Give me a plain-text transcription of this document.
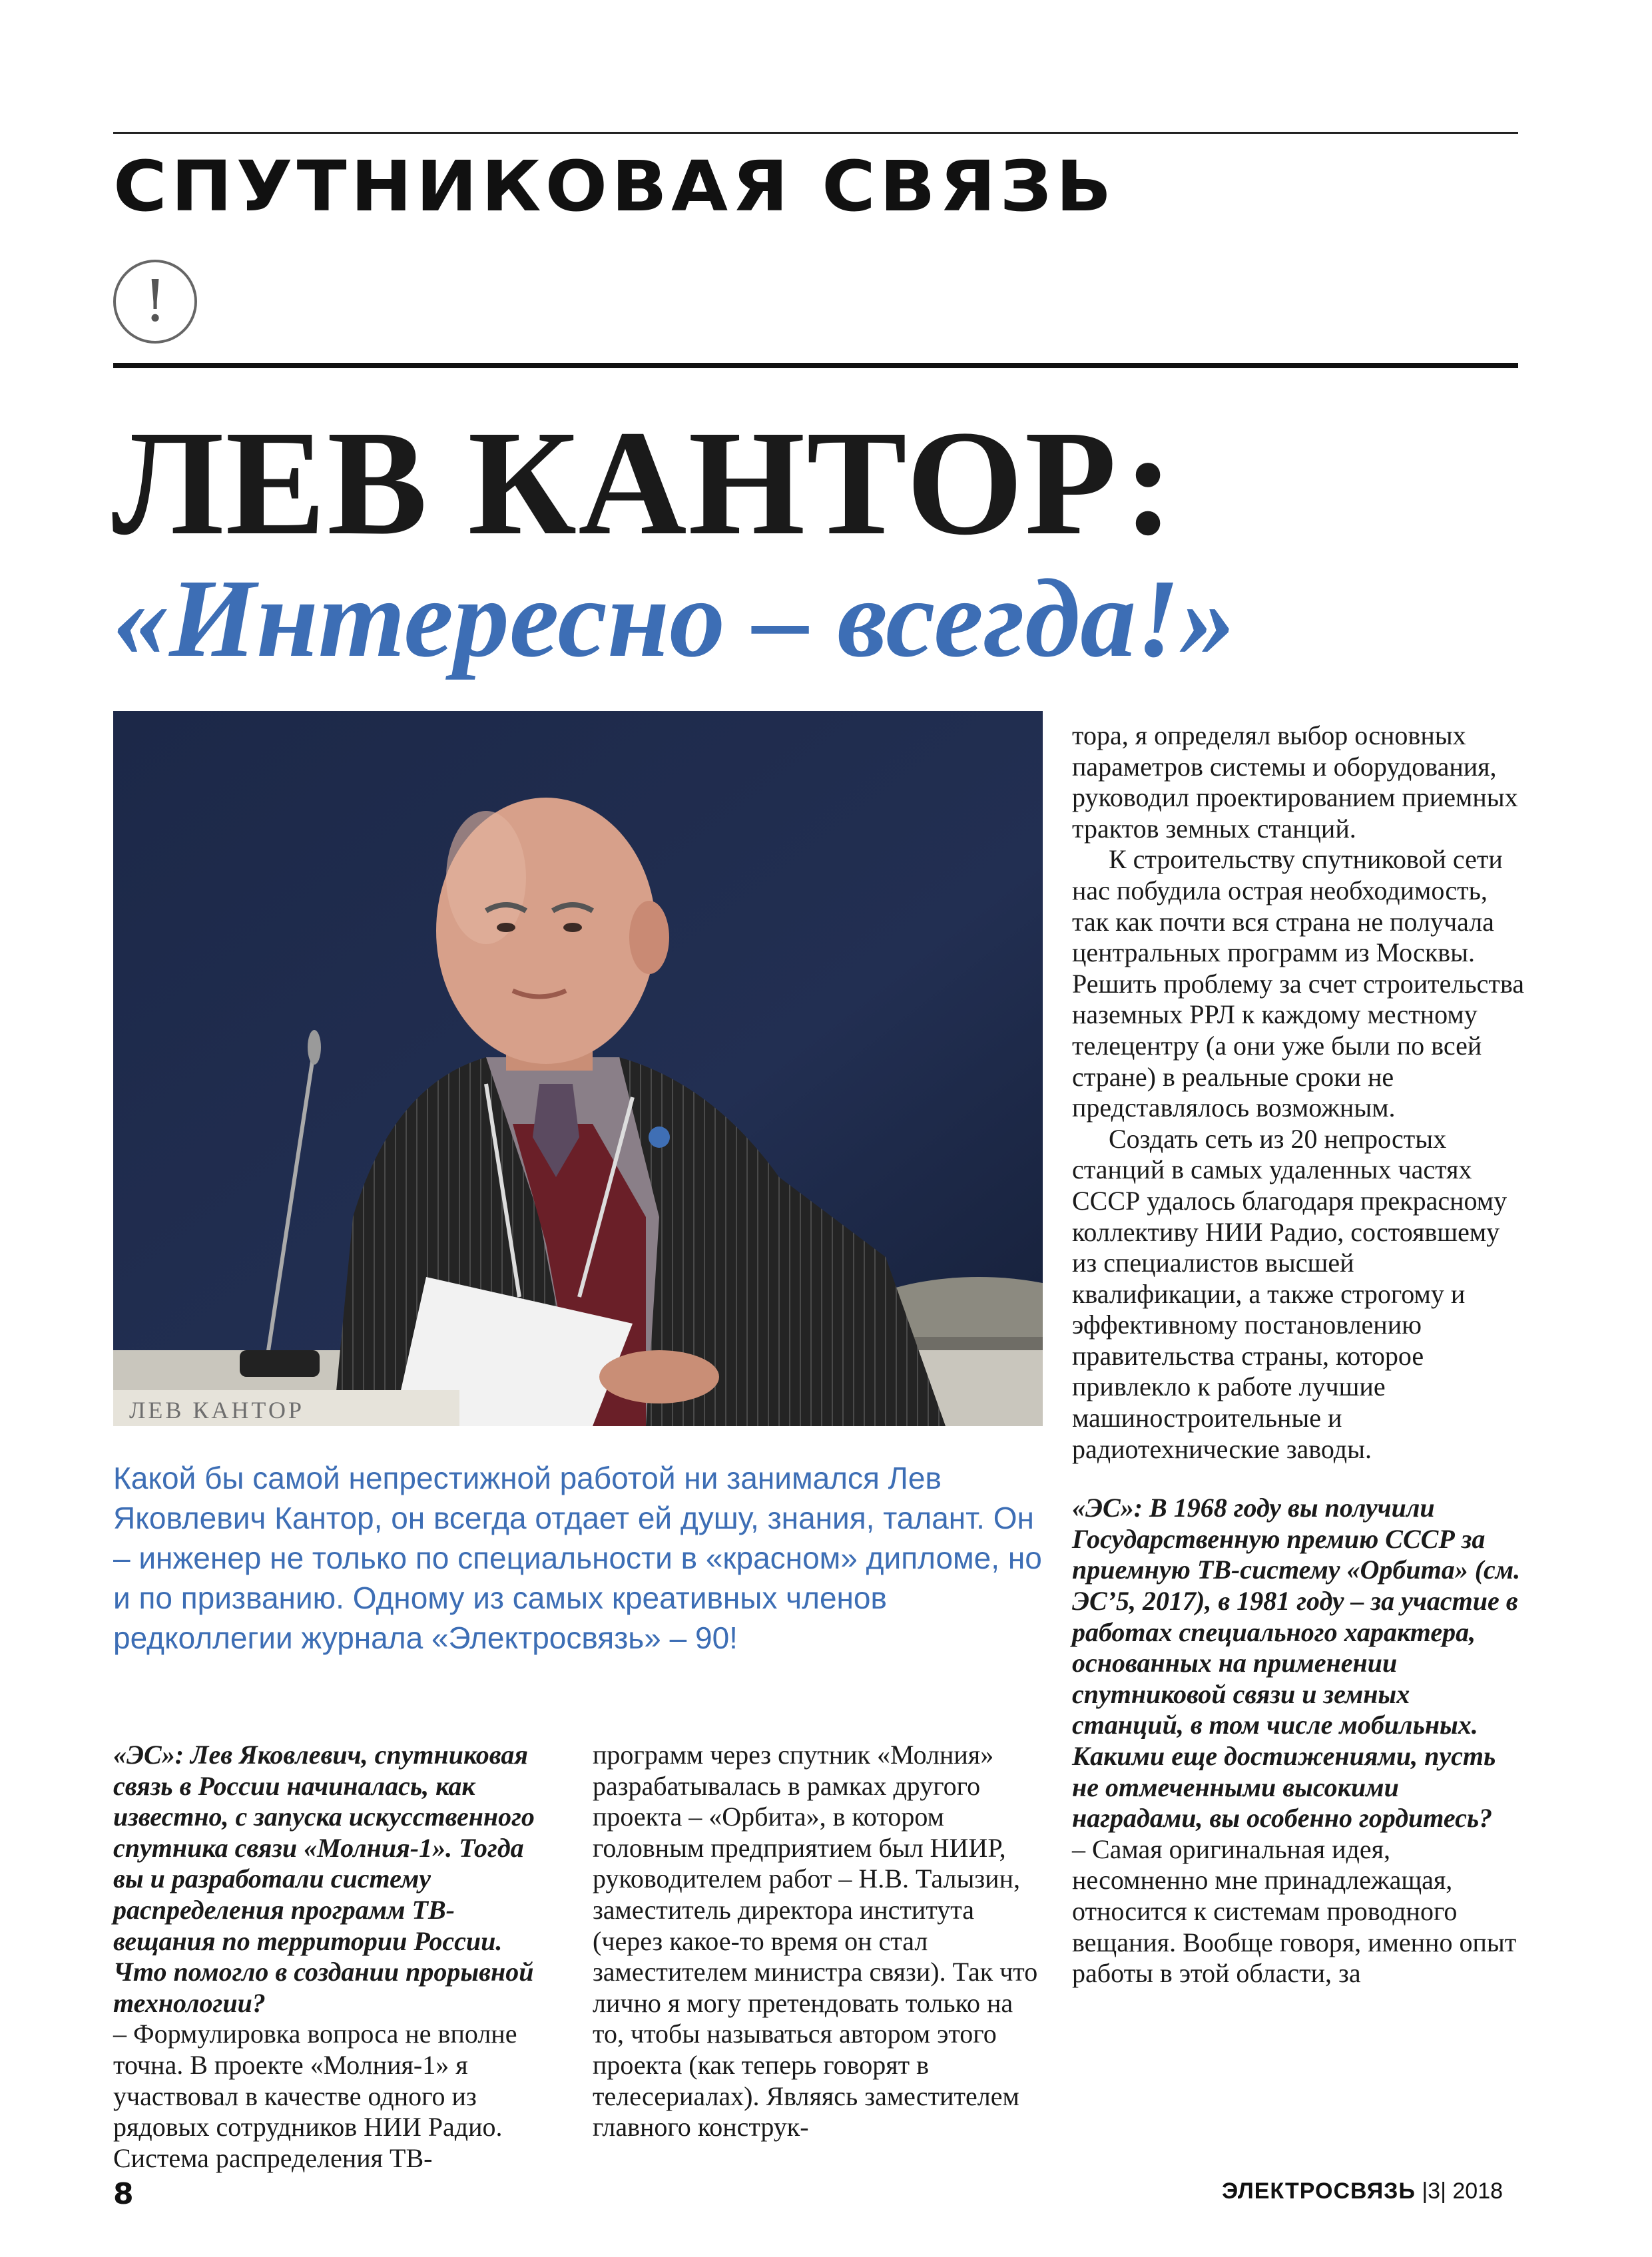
СПУТНИКОВАЯ СВЯЗЬ
!
ЛЕВ КАНТОР:
«Интересно – всегда!»
ЛЕВ КАНТОР
Какой бы самой непрестижной работой ни занимался Лев Яковлевич Кантор, он всегда отдает ей душу, знания, талант. Он – инженер не только по специальности в «красном» дипломе, но и по призванию. Одному из самых креативных членов редколлегии журнала «Электросвязь» – 90!

«ЭС»: Лев Яковлевич, спутниковая связь в России начиналась, как известно, с запуска искусственного спутника связи «Молния-1». Тогда вы и разработали систему распределения программ ТВ-вещания по территории России. Что помогло в создании прорывной технологии?

– Формулировка вопроса не вполне точна. В проекте «Молния-1» я участвовал в качестве одного из рядовых сотрудников НИИ Радио. Система распределения ТВ-

программ через спутник «Молния» разрабатывалась в рамках другого проекта – «Орбита», в котором головным предприятием был НИИР, руководителем работ – Н.В. Талызин, заместитель директора института (через какое-то время он стал заместителем министра связи). Так что лично я могу претендовать только на то, чтобы называться автором этого проекта (как теперь говорят в телесериалах). Являясь заместителем главного конструк-

тора, я определял выбор основных параметров системы и оборудования, руководил проектированием приемных трактов земных станций.

К строительству спутниковой сети нас побудила острая необходимость, так как почти вся страна не получала центральных программ из Москвы. Решить проблему за счет строительства наземных РРЛ к каждому местному телецентру (а они уже были по всей стране) в реальные сроки не представлялось возможным.

Создать сеть из 20 непростых станций в самых удаленных частях СССР удалось благодаря прекрасному коллективу НИИ Радио, состоявшему из специалистов высшей квалификации, а также строгому и эффективному постановлению правительства страны, которое привлекло к работе лучшие машиностроительные и радиотехнические заводы.

«ЭС»: В 1968 году вы получили Государственную премию СССР за приемную ТВ-систему «Орбита» (см. ЭС’5, 2017), в 1981 году – за участие в работах специального характера, основанных на применении спутниковой связи и земных станций, в том числе мобильных. Какими еще достижениями, пусть не отмеченными высокими наградами, вы особенно гордитесь?

– Самая оригинальная идея, несомненно мне принадлежащая, относится к системам проводного вещания. Вообще говоря, именно опыт работы в этой области, за

8	ЭЛЕКТРОСВЯЗЬ |3| 2018
